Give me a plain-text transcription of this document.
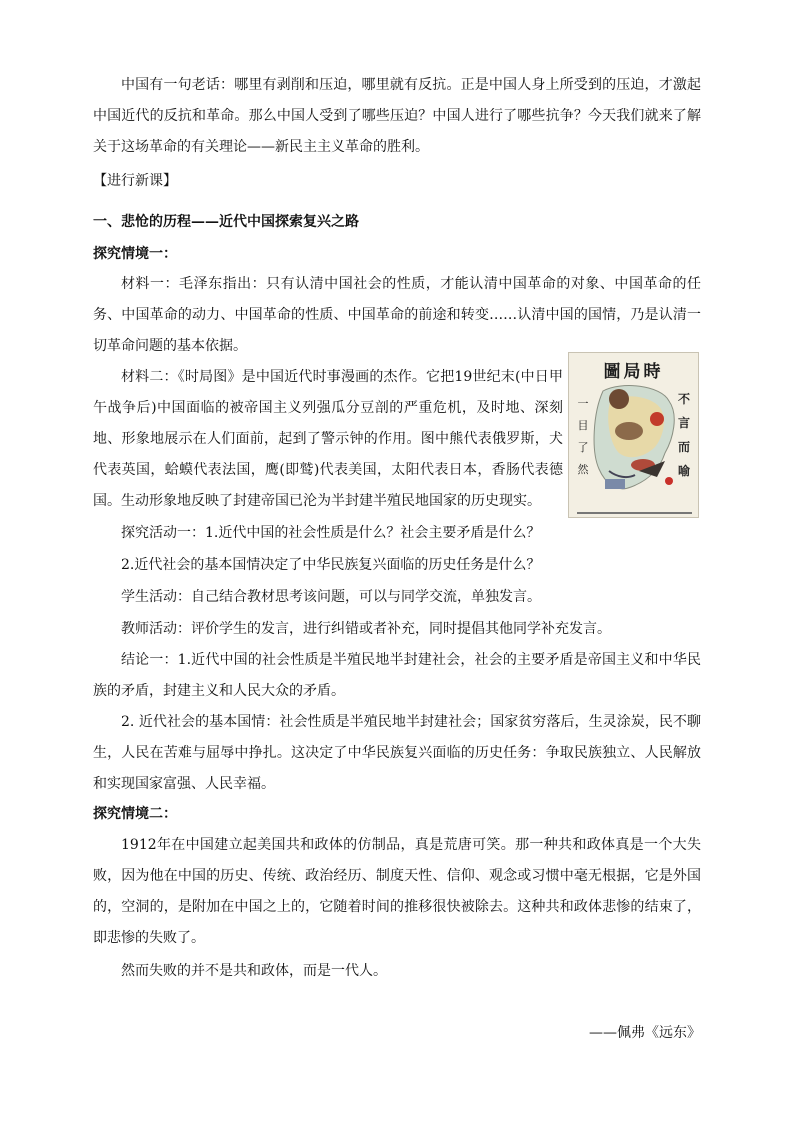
中国有一句老话：哪里有剥削和压迫，哪里就有反抗。正是中国人身上所受到的压迫，才激起中国近代的反抗和革命。那么中国人受到了哪些压迫？中国人进行了哪些抗争？今天我们就来了解关于这场革命的有关理论——新民主主义革命的胜利。

【进行新课】

一、悲怆的历程——近代中国探索复兴之路

探究情境一：

材料一：毛泽东指出：只有认清中国社会的性质，才能认清中国革命的对象、中国革命的任务、中国革命的动力、中国革命的性质、中国革命的前途和转变……认清中国的国情，乃是认清一切革命问题的基本依据。

材料二：《时局图》是中国近代时事漫画的杰作。它把19世纪末(中日甲午战争后)中国面临的被帝国主义列强瓜分豆剖的严重危机，及时地、深刻地、形象地展示在人们面前，起到了警示钟的作用。图中熊代表俄罗斯，犬代表英国，蛤蟆代表法国，鹰(即鹫)代表美国，太阳代表日本，香肠代表德国。生动形象地反映了封建帝国已沦为半封建半殖民地国家的历史现实。

圖局時
一目了然
不言而喻

探究活动一：1.近代中国的社会性质是什么？社会主要矛盾是什么？

2.近代社会的基本国情决定了中华民族复兴面临的历史任务是什么？

学生活动：自己结合教材思考该问题，可以与同学交流，单独发言。

教师活动：评价学生的发言，进行纠错或者补充，同时提倡其他同学补充发言。

结论一：1.近代中国的社会性质是半殖民地半封建社会，社会的主要矛盾是帝国主义和中华民族的矛盾，封建主义和人民大众的矛盾。

2. 近代社会的基本国情：社会性质是半殖民地半封建社会；国家贫穷落后，生灵涂炭，民不聊生，人民在苦难与屈辱中挣扎。这决定了中华民族复兴面临的历史任务：争取民族独立、人民解放和实现国家富强、人民幸福。

探究情境二：

1912年在中国建立起美国共和政体的仿制品，真是荒唐可笑。那一种共和政体真是一个大失败，因为他在中国的历史、传统、政治经历、制度天性、信仰、观念或习惯中毫无根据，它是外国的，空洞的，是附加在中国之上的，它随着时间的推移很快被除去。这种共和政体悲惨的结束了，即悲惨的失败了。

然而失败的并不是共和政体，而是一代人。

——佩弗《远东》
